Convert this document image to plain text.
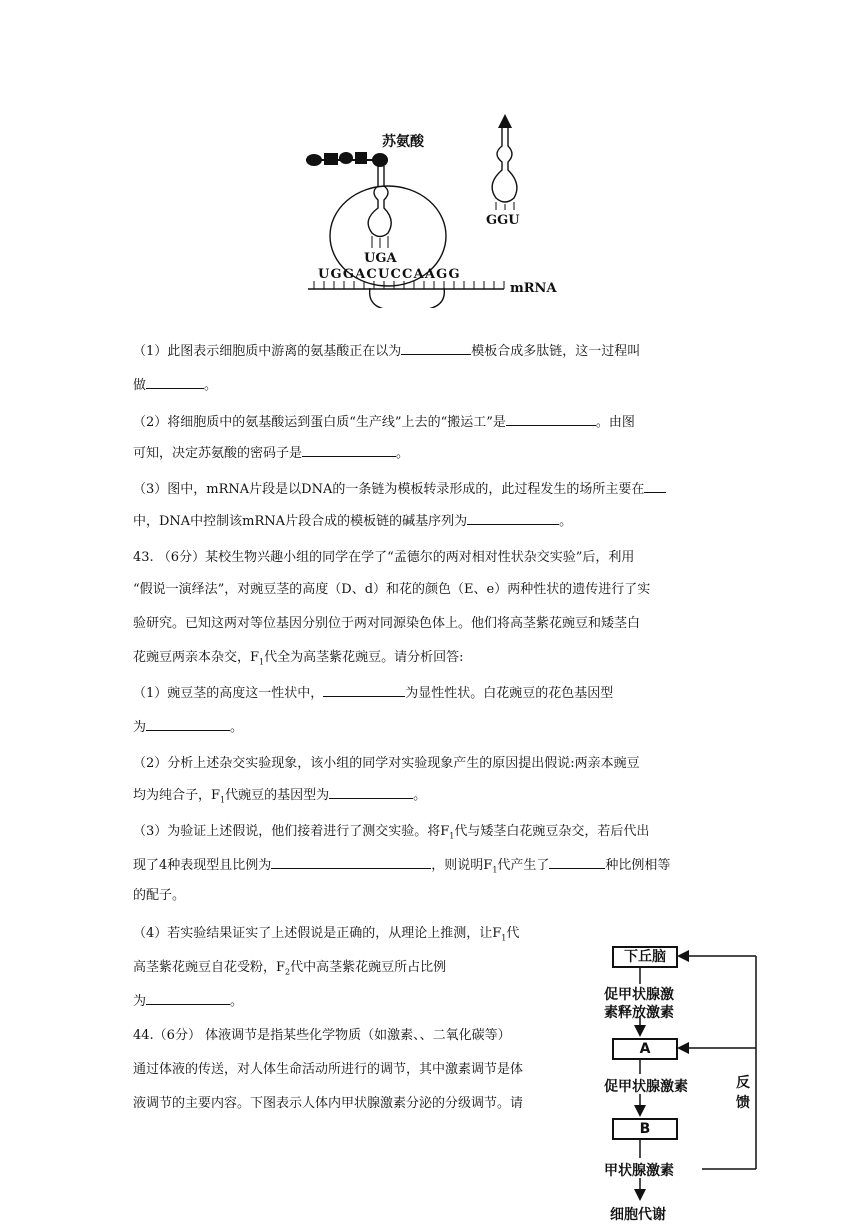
苏氨酸
UGA
GGU
UGGACUCCAAGG
mRNA
（1）此图表示细胞质中游离的氨基酸正在以为	模板合成多肽链，这一过程叫
做	。
（2）将细胞质中的氨基酸运到蛋白质“生产线”上去的“搬运工”是	。由图
可知，决定苏氨酸的密码子是	。
（3）图中，mRNA片段是以DNA的一条链为模板转录形成的，此过程发生的场所主要在
中，DNA中控制该mRNA片段合成的模板链的碱基序列为	。
43. （6分）某校生物兴趣小组的同学在学了“孟德尔的两对相对性状杂交实验”后，利用
“假说一演绎法”，对豌豆茎的高度（D、d）和花的颜色（E、e）两种性状的遗传进行了实
验研究。已知这两对等位基因分别位于两对同源染色体上。他们将高茎紫花豌豆和矮茎白
花豌豆两亲本杂交，$F_1$代全为高茎紫花豌豆。请分析回答:
（1）豌豆茎的高度这一性状中，	为显性性状。白花豌豆的花色基因型
为	。
（2）分析上述杂交实验现象，该小组的同学对实验现象产生的原因提出假说:两亲本豌豆
均为纯合子，$F_1$代豌豆的基因型为	。
（3）为验证上述假说，他们接着进行了测交实验。将$F_1$代与矮茎白花豌豆杂交，若后代出
现了4种表现型且比例为	，则说明$F_1$代产生了	种比例相等
的配子。
（4）若实验结果证实了上述假说是正确的，从理论上推测，让$F_1$代
高茎紫花豌豆自花受粉，$F_2$代中高茎紫花豌豆所占比例
为	。
44.（6分） 体液调节是指某些化学物质（如激素、、二氧化碳等）
通过体液的传送，对人体生命活动所进行的调节，其中激素调节是体
液调节的主要内容。下图表示人体内甲状腺激素分泌的分级调节。请
下丘脑
促甲状腺激
素释放激素
A
促甲状腺激素
B
甲状腺激素
细胞代谢
反
馈
